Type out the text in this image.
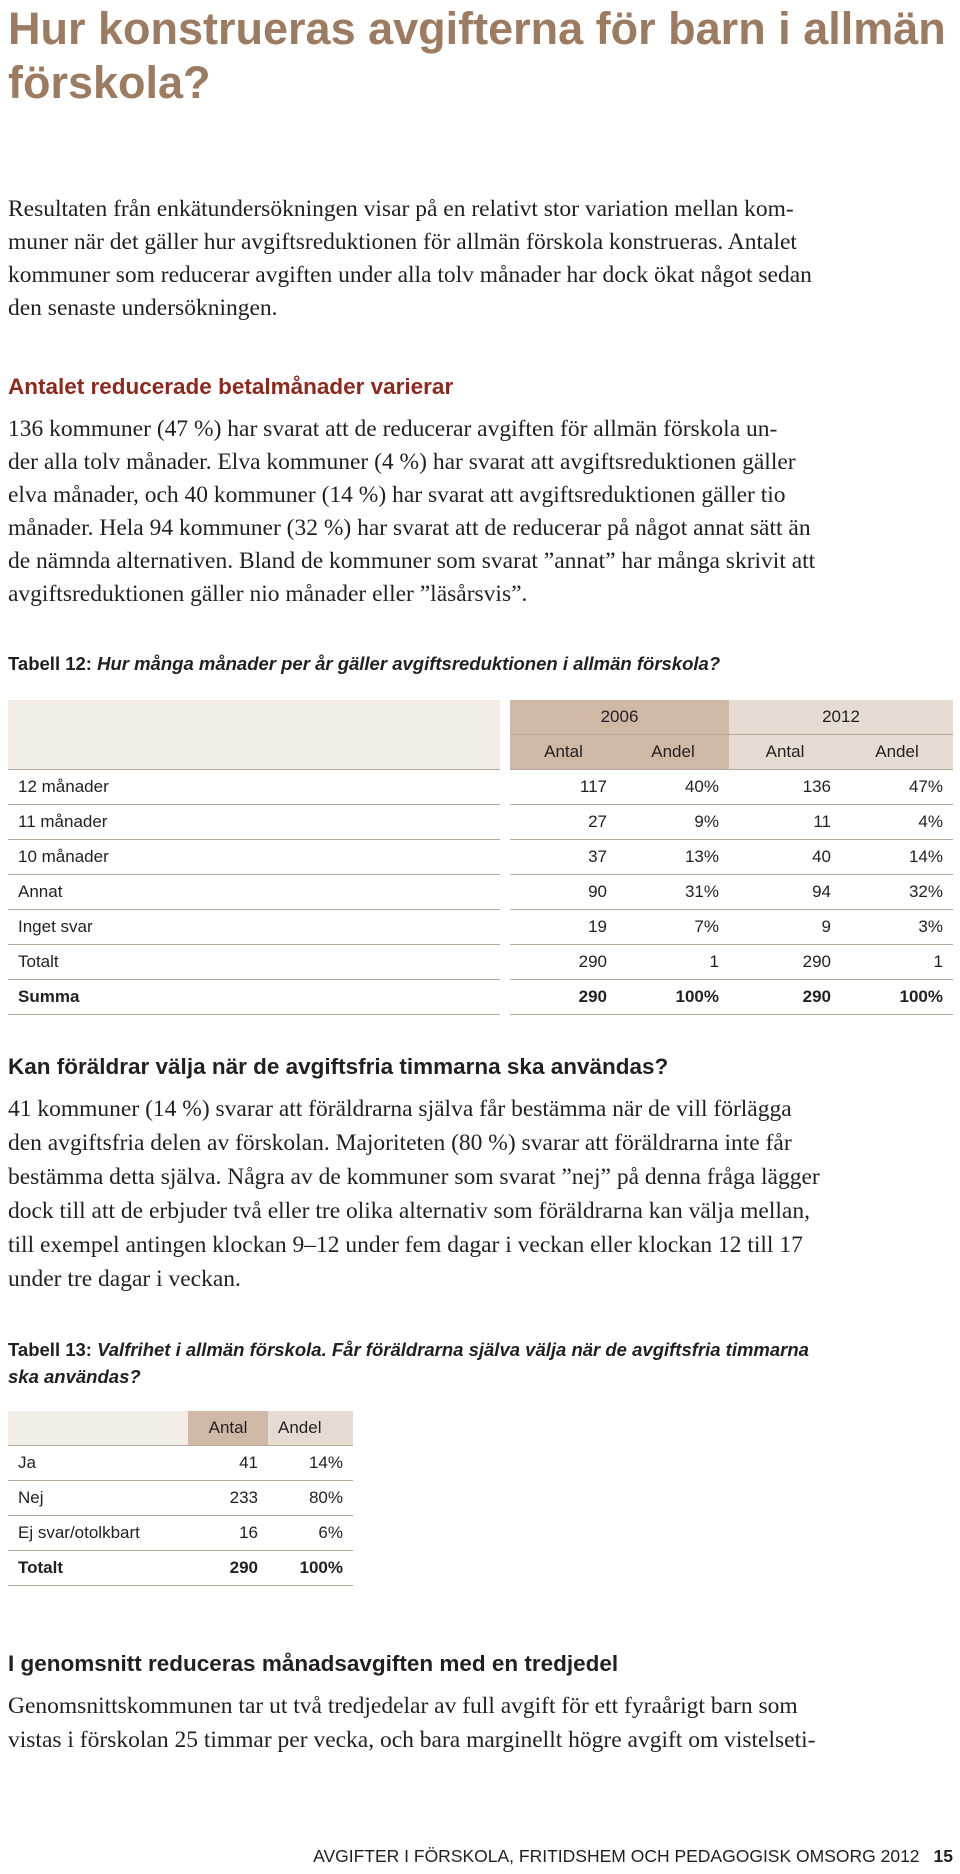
Hur konstrueras avgifterna för barn i allmän förskola?

Resultaten från enkätundersökningen visar på en relativt stor variation mellan kom-

muner när det gäller hur avgiftsreduktionen för allmän förskola konstrueras. Antalet

kommuner som reducerar avgiften under alla tolv månader har dock ökat något sedan

den senaste undersökningen.

Antalet reducerade betalmånader varierar

136 kommuner (47 %) har svarat att de reducerar avgiften för allmän förskola un-

der alla tolv månader. Elva kommuner (4 %) har svarat att avgiftsreduktionen gäller

elva månader, och 40 kommuner (14 %) har svarat att avgiftsreduktionen gäller tio

månader. Hela 94 kommuner (32 %) har svarat att de reducerar på något annat sätt än

de nämnda alternativen. Bland de kommuner som svarat ”annat” har många skrivit att

avgiftsreduktionen gäller nio månader eller ”läsårsvis”.

Tabell 12: Hur många månader per år gäller avgiftsreduktionen i allmän förskola?
	2006		2012	
	Antal	Andel	Antal	Andel
12 månader	117	40%	136	47%
11 månader	27	9%	11	4%
10 månader	37	13%	40	14%
Annat	90	31%	94	32%
Inget svar	19	7%	9	3%
Totalt	290	1	290	1
Summa	290	100%	290	100%
Kan föräldrar välja när de avgiftsfria timmarna ska användas?

41 kommuner (14 %) svarar att föräldrarna själva får bestämma när de vill förlägga

den avgiftsfria delen av förskolan. Majoriteten (80 %) svarar att föräldrarna inte får

bestämma detta själva. Några av de kommuner som svarat ”nej” på denna fråga lägger

dock till att de erbjuder två eller tre olika alternativ som föräldrarna kan välja mellan,

till exempel antingen klockan 9–12 under fem dagar i veckan eller klockan 12 till 17

under tre dagar i veckan.

Tabell 13: Valfrihet i allmän förskola. Får föräldrarna själva välja när de avgiftsfria timmarna
ska användas?
	Antal	Andel
Ja	41	14%
Nej	233	80%
Ej svar/otolkbart	16	6%
Totalt	290	100%
I genomsnitt reduceras månadsavgiften med en tredjedel

Genomsnittskommunen tar ut två tredjedelar av full avgift för ett fyraårigt barn som

vistas i förskolan 25 timmar per vecka, och bara marginellt högre avgift om vistelseti-

AVGIFTER I FÖRSKOLA, FRITIDSHEM OCH PEDAGOGISK OMSORG 2012 15
